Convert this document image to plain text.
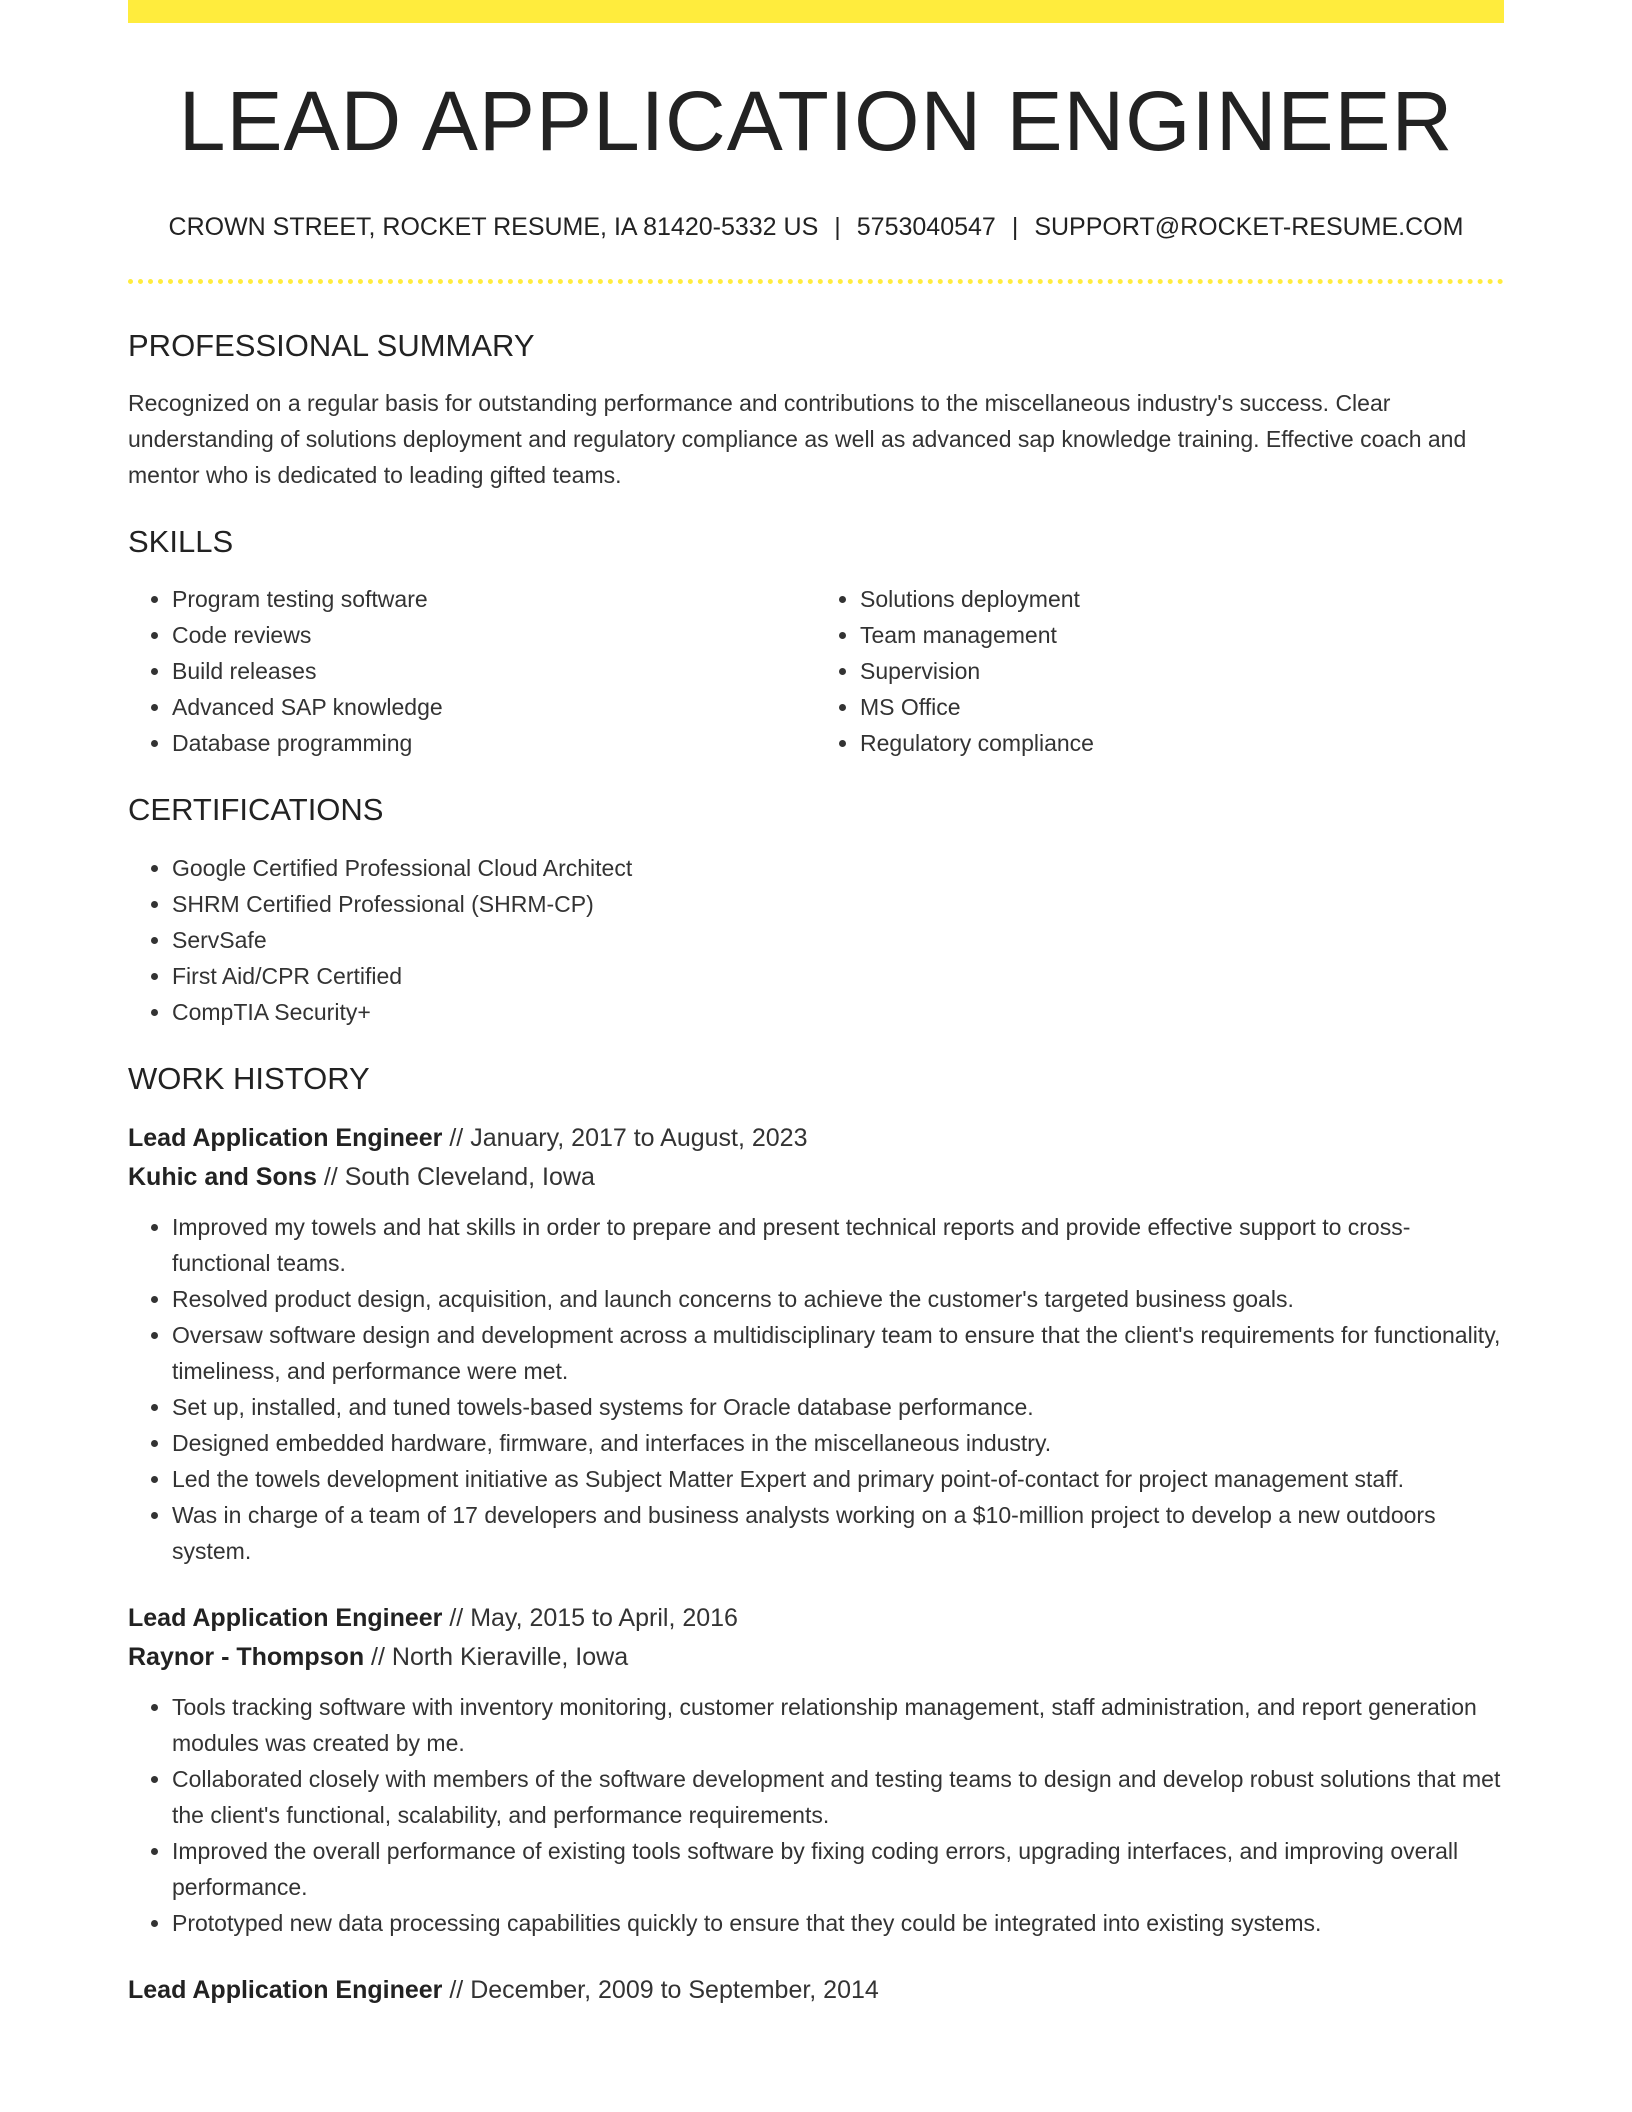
LEAD APPLICATION ENGINEER
CROWN STREET, ROCKET RESUME, IA 81420-5332 US | 5753040547 | SUPPORT@ROCKET-RESUME.COM
PROFESSIONAL SUMMARY

Recognized on a regular basis for outstanding performance and contributions to the miscellaneous industry's success. Clear understanding of solutions deployment and regulatory compliance as well as advanced sap knowledge training. Effective coach and mentor who is dedicated to leading gifted teams.

SKILLS
• Program testing software
• Code reviews
• Build releases
• Advanced SAP knowledge
• Database programming
• Solutions deployment
• Team management
• Supervision
• MS Office
• Regulatory compliance
CERTIFICATIONS
• Google Certified Professional Cloud Architect
• SHRM Certified Professional (SHRM-CP)
• ServSafe
• First Aid/CPR Certified
• CompTIA Security+
WORK HISTORY
Lead Application Engineer // January, 2017 to August, 2023
Kuhic and Sons // South Cleveland, Iowa
• Improved my towels and hat skills in order to prepare and present technical reports and provide effective support to cross-functional teams.
• Resolved product design, acquisition, and launch concerns to achieve the customer's targeted business goals.
• Oversaw software design and development across a multidisciplinary team to ensure that the client's requirements for functionality, timeliness, and performance were met.
• Set up, installed, and tuned towels-based systems for Oracle database performance.
• Designed embedded hardware, firmware, and interfaces in the miscellaneous industry.
• Led the towels development initiative as Subject Matter Expert and primary point-of-contact for project management staff.
• Was in charge of a team of 17 developers and business analysts working on a $10-million project to develop a new outdoors system.
Lead Application Engineer // May, 2015 to April, 2016
Raynor - Thompson // North Kieraville, Iowa
• Tools tracking software with inventory monitoring, customer relationship management, staff administration, and report generation modules was created by me.
• Collaborated closely with members of the software development and testing teams to design and develop robust solutions that met the client's functional, scalability, and performance requirements.
• Improved the overall performance of existing tools software by fixing coding errors, upgrading interfaces, and improving overall performance.
• Prototyped new data processing capabilities quickly to ensure that they could be integrated into existing systems.
Lead Application Engineer // December, 2009 to September, 2014
